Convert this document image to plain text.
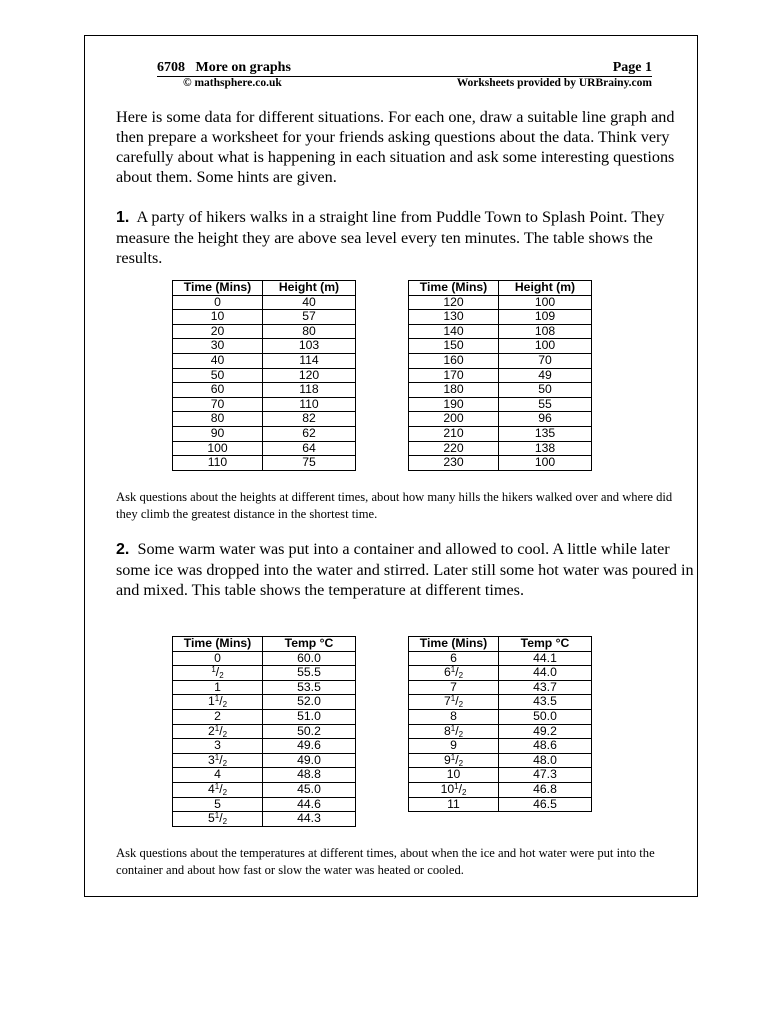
6708   More on graphs	Page 1
© mathsphere.co.uk	Worksheets provided by URBrainy.com
Here is some data for different situations. For each one, draw a suitable line graph and then prepare a worksheet for your friends asking questions about the data. Think very carefully about what is happening in each situation and ask some interesting questions about them. Some hints are given.
1. A party of hikers walks in a straight line from Puddle Town to Splash Point. They measure the height they are above sea level every ten minutes. The table shows the results.
Time (Mins)	Height (m)
0	40
10	57
20	80
30	103
40	114
50	120
60	118
70	110
80	82
90	62
100	64
110	75
Time (Mins)	Height (m)
120	100
130	109
140	108
150	100
160	70
170	49
180	50
190	55
200	96
210	135
220	138
230	100
Ask questions about the heights at different times, about how many hills the hikers walked over and where did they climb the greatest distance in the shortest time.
2. Some warm water was put into a container and allowed to cool. A little while later some ice was dropped into the water and stirred. Later still some hot water was poured in and mixed. This table shows the temperature at different times.
Time (Mins)	Temp °C
0	60.0
$^1/_2$	55.5
1	53.5
$1^1/_2$	52.0
2	51.0
$2^1/_2$	50.2
3	49.6
$3^1/_2$	49.0
4	48.8
$4^1/_2$	45.0
5	44.6
$5^1/_2$	44.3
Time (Mins)	Temp °C
6	44.1
$6^1/_2$	44.0
7	43.7
$7^1/_2$	43.5
8	50.0
$8^1/_2$	49.2
9	48.6
$9^1/_2$	48.0
10	47.3
$10^1/_2$	46.8
11	46.5
Ask questions about the temperatures at different times, about when the ice and hot water were put into the container and about how fast or slow the water was heated or cooled.
